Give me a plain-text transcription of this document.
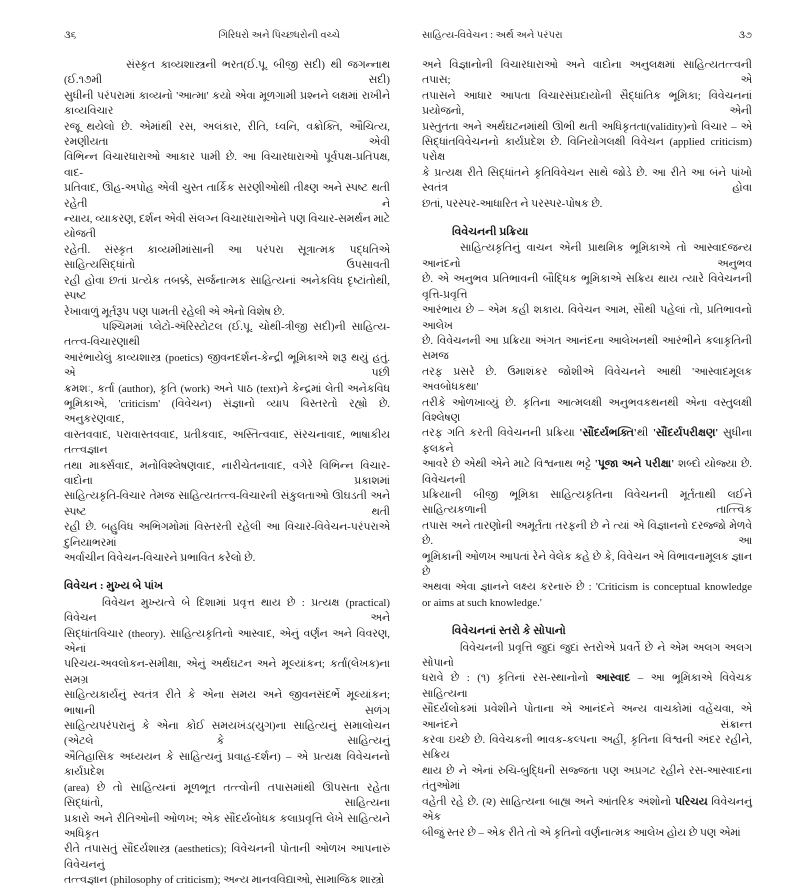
૩૬	ગિરિધરો અને પિચ્છધરોની વચ્ચે
સંસ્કૃત કાવ્યશાસ્ત્રની ભરત(ઈ.પૂ. બીજી સદી) થી જગન્નાથ (ઈ.૧૭મી સદી)
સુધીની પરંપરામાં કાવ્યનો 'આત્મા' કયો એવા મૂળગામી પ્રશ્નને લક્ષમાં રાખીને કાવ્યવિચાર
રજૂ થયેલો છે. એમાંથી રસ, અલંકાર, રીતિ, ધ્વનિ, વક્રોક્તિ, ઔચિત્ય, રમણીયતા એવી
વિભિન્ન વિચારધારાઓ આકાર પામી છે. આ વિચારધારાઓ પૂર્વપક્ષ-પ્રતિપક્ષ, વાદ-
પ્રતિવાદ, ઊહ-અપોહ એવી ચુસ્ત તાર્કિક સરણીઓથી તીક્ષ્ણ અને સ્પષ્ટ થતી રહેતી ને
ન્યાય, વ્યાકરણ, દર્શન એવી સંલગ્ન વિચારધારાઓને પણ વિચાર-સમર્થન માટે યોજતી
રહેતી. સંસ્કૃત કાવ્યમીમાંસાની આ પરંપરા સૂત્રાત્મક પદ્ધતિએ સાહિત્યસિદ્ધાંતો ઉપસાવતી
રહી હોવા છતાં પ્રત્યેક તબક્કે, સર્જનાત્મક સાહિત્યનાં અનેકવિધ દૃષ્ટાંતોથી, સ્પષ્ટ
રેખાવાળું મૂર્તરૂપ પણ પામતી રહેલી એ એનો વિશેષ છે.
પશ્ચિમમાં પ્લેટો-ઍરિસ્ટોટલ (ઈ.પૂ. ચોથી-ત્રીજી સદી)ની સાહિત્ય-તત્ત્વ-વિચારણાથી
આરંભાયેલું કાવ્યશાસ્ત્ર (poetics) જીવનદર્શન-કેન્દ્રી ભૂમિકાએ શરૂ થયું હતું. એ પછી
ક્રમશઃ, કર્તા (author), કૃતિ (work) અને પાઠ (text)ને કેન્દ્રમાં લેતી અનેકવિધ
ભૂમિકાએ, 'criticism' (વિવેચન) સંજ્ઞાનો વ્યાપ વિસ્તરતો રહ્યો છે. અનુકરણવાદ,
વાસ્તવવાદ, પરાવાસ્તવવાદ, પ્રતીકવાદ, અસ્તિત્વવાદ, સંરચનાવાદ, ભાષાકીય તત્ત્વજ્ઞાન
તથા માર્ક્સવાદ, મનોવિશ્લેષણવાદ, નારીચેતનાવાદ, વગેરે વિભિન્ન વિચાર-વાદોના પ્રકાશમાં
સાહિત્યકૃતિ-વિચાર તેમજ સાહિત્યતત્ત્વ-વિચારની સંકુલતાઓ ઊઘડતી અને સ્પષ્ટ થતી
રહી છે. બહુવિધ અભિગમોમાં વિસ્તરતી રહેલી આ વિચાર-વિવેચન-પરંપરાએ દુનિયાભરમાં
અર્વાચીન વિવેચન-વિચારને પ્રભાવિત કરેલો છે.
વિવેચન : મુખ્ય બે પાંખ
વિવેચન મુખ્યત્વે બે દિશામાં પ્રવૃત્ત થાય છે : પ્રત્યક્ષ (practical) વિવેચન અને
સિદ્ધાંતવિચાર (theory). સાહિત્યકૃતિનો આસ્વાદ, એનું વર્ણન અને વિવરણ, એનાં
પરિચય-અવલોકન-સમીક્ષા, એનું અર્થઘટન અને મૂલ્યાંકન; કર્તા(લેખક)ના સમગ્ર
સાહિત્યકાર્યનું સ્વતંત્ર રીતે કે એના સમય અને જીવનસંદર્ભે મૂલ્યાંકન; ભાષાની સળંગ
સાહિત્યપરંપરાનું કે એના કોઈ સમયખંડ(યુગ)ના સાહિત્યનું સમાલોચન (એટલે કે સાહિત્યનું
ઐતિહાસિક અધ્યયન કે સાહિત્યનું પ્રવાહ-દર્શન) – એ પ્રત્યક્ષ વિવેચનનો કાર્યપ્રદેશ
(area) છે તો સાહિત્યનાં મૂળભૂત તત્ત્વોની તપાસમાંથી ઊપસતા રહેતા સિદ્ધાંતો, સાહિત્યના
પ્રકારો અને રીતિઓની ઓળખ; એક સૌંદર્યબોધક કલાપ્રવૃત્તિ લેખે સાહિત્યને અધિકૃત
રીતે તપાસતું સૌંદર્યશાસ્ત્ર (aesthetics); વિવેચનની પોતાની ઓળખ આપનારું વિવેચનનું
તત્ત્વજ્ઞાન (philosophy of criticism); અન્ય માનવવિદ્યાઓ, સામાજિક શાસ્ત્રો
સાહિત્ય-વિવેચન : અર્થ અને પરંપરા	૩૭
અને વિજ્ઞાનોની વિચારધારાઓ અને વાદોના અનુલક્ષમાં સાહિત્યતત્ત્વની તપાસ; એ
તપાસને આધાર આપતા વિચારસંપ્રદાયોની સૈદ્ધાંતિક ભૂમિકા; વિવેચનનાં પ્રયોજનો, એની
પ્રસ્તુતતા અને અર્થઘટનમાંથી ઊભી થતી અધિકૃતતા(validity)નો વિચાર – એ
સિદ્ધાંતવિવેચનનો કાર્યપ્રદેશ છે. વિનિયોગલક્ષી વિવેચન (applied criticism) પરોક્ષ
કે પ્રત્યક્ષ રીતે સિદ્ધાંતને કૃતિવિવેચન સાથે જોડે છે. આ રીતે આ બંને પાંખો સ્વતંત્ર હોવા
છતાં, પરસ્પર-આધારિત ને પરસ્પર-પોષક છે.
વિવેચનની પ્રક્રિયા
સાહિત્યકૃતિનું વાચન એની પ્રાથમિક ભૂમિકાએ તો આસ્વાદજન્ય આનંદનો અનુભવ
છે. એ અનુભવ પ્રતિભાવની બૌદ્ધિક ભૂમિકાએ સક્રિય થાય ત્યારે વિવેચનની વૃત્તિ-પ્રવૃત્તિ
આરંભાય છે – એમ કહી શકાય. વિવેચન આમ, સૌથી પહેલાં તો, પ્રતિભાવનો આલેખ
છે. વિવેચનની આ પ્રક્રિયા અંગત આનંદના આલેખનથી આરંભીને કલાકૃતિની સમજ
તરફ પ્રસરે છે. ઉમાશંકર જોશીએ વિવેચનને આથી 'આસ્વાદમૂલક અવબોધકથા'
તરીકે ઓળખાવ્યું છે. કૃતિના આત્મલક્ષી અનુભવકથનથી એના વસ્તુલક્ષી વિશ્લેષણ
તરફ ગતિ કરતી વિવેચનની પ્રક્રિયા 'સૌંદર્યભક્તિ'થી 'સૌંદર્યપરીક્ષણ' સુધીના ફલકને
આવરે છે એથી એને માટે વિશ્વનાથ ભટ્ટે 'પૂજા અને પરીક્ષા' શબ્દો યોજ્યા છે. વિવેચનની
પ્રક્રિયાની બીજી ભૂમિકા સાહિત્યકૃતિના વિવેચનની મૂર્તતાથી લઈને સાહિત્યકળાની તાત્ત્વિક
તપાસ અને તારણોની અમૂર્તતા તરફની છે ને ત્યાં એ વિજ્ઞાનનો દરજ્જો મેળવે છે. આ
ભૂમિકાની ઓળખ આપતાં રેને વેલેક કહે છે કે, વિવેચન એ વિભાવનામૂલક જ્ઞાન છે
અથવા એવા જ્ઞાનને લક્ષ્ય કરનારું છે : 'Criticism is conceptual knowledge
or aims at such knowledge.'
વિવેચનનાં સ્તરો કે સોપાનો
વિવેચનની પ્રવૃત્તિ જુદાં જુદાં સ્તરોએ પ્રવર્તે છે ને એમ અલગ અલગ સોપાનો
ધરાવે છે : (૧) કૃતિનાં રસ-સ્થાનોનો આસ્વાદ – આ ભૂમિકાએ વિવેચક સાહિત્યના
સૌંદર્યલોકમાં પ્રવેશીને પોતાના એ આનંદને અન્ય વાચકોમાં વહેંચવા, એ આનંદને સંક્રાન્ત
કરવા ઇચ્છે છે. વિવેચકની ભાવક-કલ્પના અહીં, કૃતિના વિશ્વની અંદર રહીને, સક્રિય
થાય છે ને એનાં રુચિ-બુદ્ધિની સજ્જતા પણ અપ્રગટ રહીને રસ-આસ્વાદના તંતુઓમાં
વહેતી રહે છે. (૨) સાહિત્યના બાહ્ય અને આંતરિક અંશોનો પરિચય વિવેચનનું એક
બીજું સ્તર છે – એક રીતે તો એ કૃતિનો વર્ણનાત્મક આલેખ હોય છે પણ એમાં
